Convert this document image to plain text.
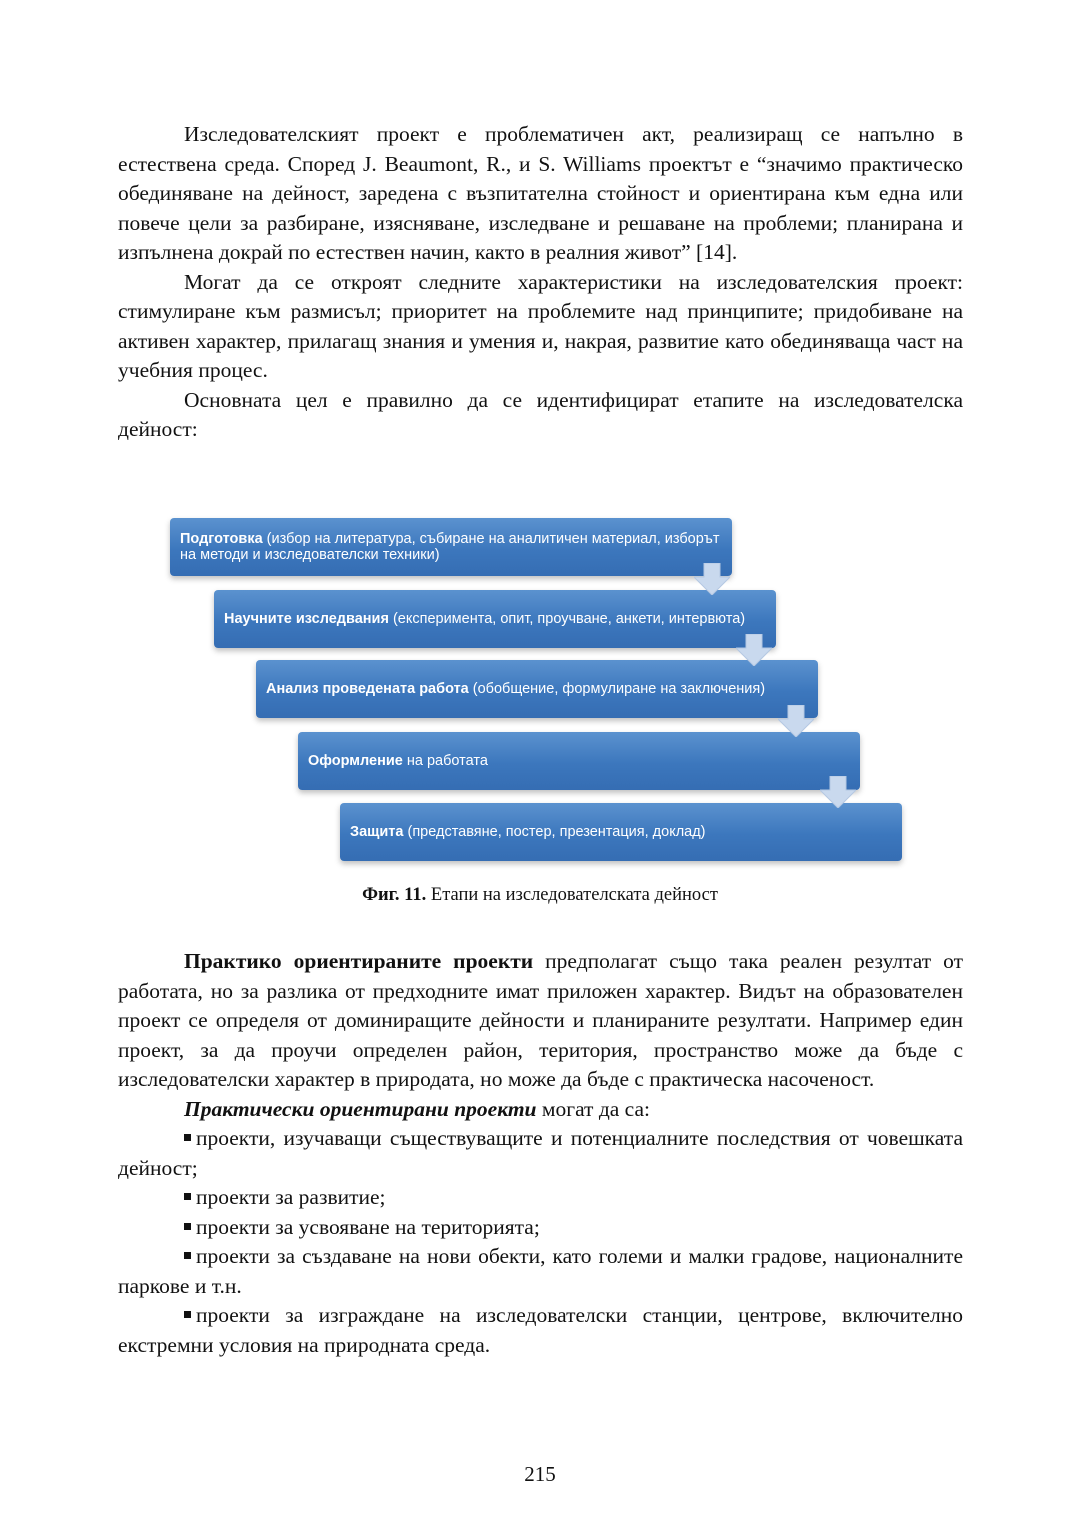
Изследователският проект е проблематичен акт, реализиращ се напълно в естествена среда. Според J. Beaumont, R., и S. Williams проектът е “значимо практическо обединяване на дейност, заредена с възпитателна стойност и ориентирана към една или повече цели за разбиране, изясняване, изследване и решаване на проблеми; планирана и изпълнена докрай по естествен начин, както в реалния живот” [14].

Могат да се откроят следните характеристики на изследователския проект: стимулиране към размисъл; приоритет на проблемите над принципите; придобиване на активен характер, прилагащ знания и умения и, накрая, развитие като обединяваща част на учебния процес.

Основната цел е правилно да се идентифицират етапите на изследователска дейност:

Подготовка (избор на литература, събиране на аналитичен материал, изборът на методи и изследователски техники)
Научните изследвания (експеримента, опит, проучване, анкети, интервюта)
Анализ проведената работа (обобщение, формулиране на заключения)
Оформление на работата
Защита (представяне, постер, презентация, доклад)
Фиг. 11. Етапи на изследователската дейност

Практико ориентираните проекти предполагат също така реален резултат от работата, но за разлика от предходните имат приложен характер. Видът на образователен проект се определя от доминиращите дейности и планираните резултати. Например един проект, за да проучи определен район, територия, пространство може да бъде с изследователски характер в природата, но може да бъде с практическа насоченост.

Практически ориентирани проекти могат да са:

проекти, изучаващи съществуващите и потенциалните последствия от човешката дейност;

проекти за развитие;

проекти за усвояване на територията;

проекти за създаване на нови обекти, като големи и малки градове, националните паркове и т.н.

проекти за изграждане на изследователски станции, центрове, включително екстремни условия на природната среда.

215
